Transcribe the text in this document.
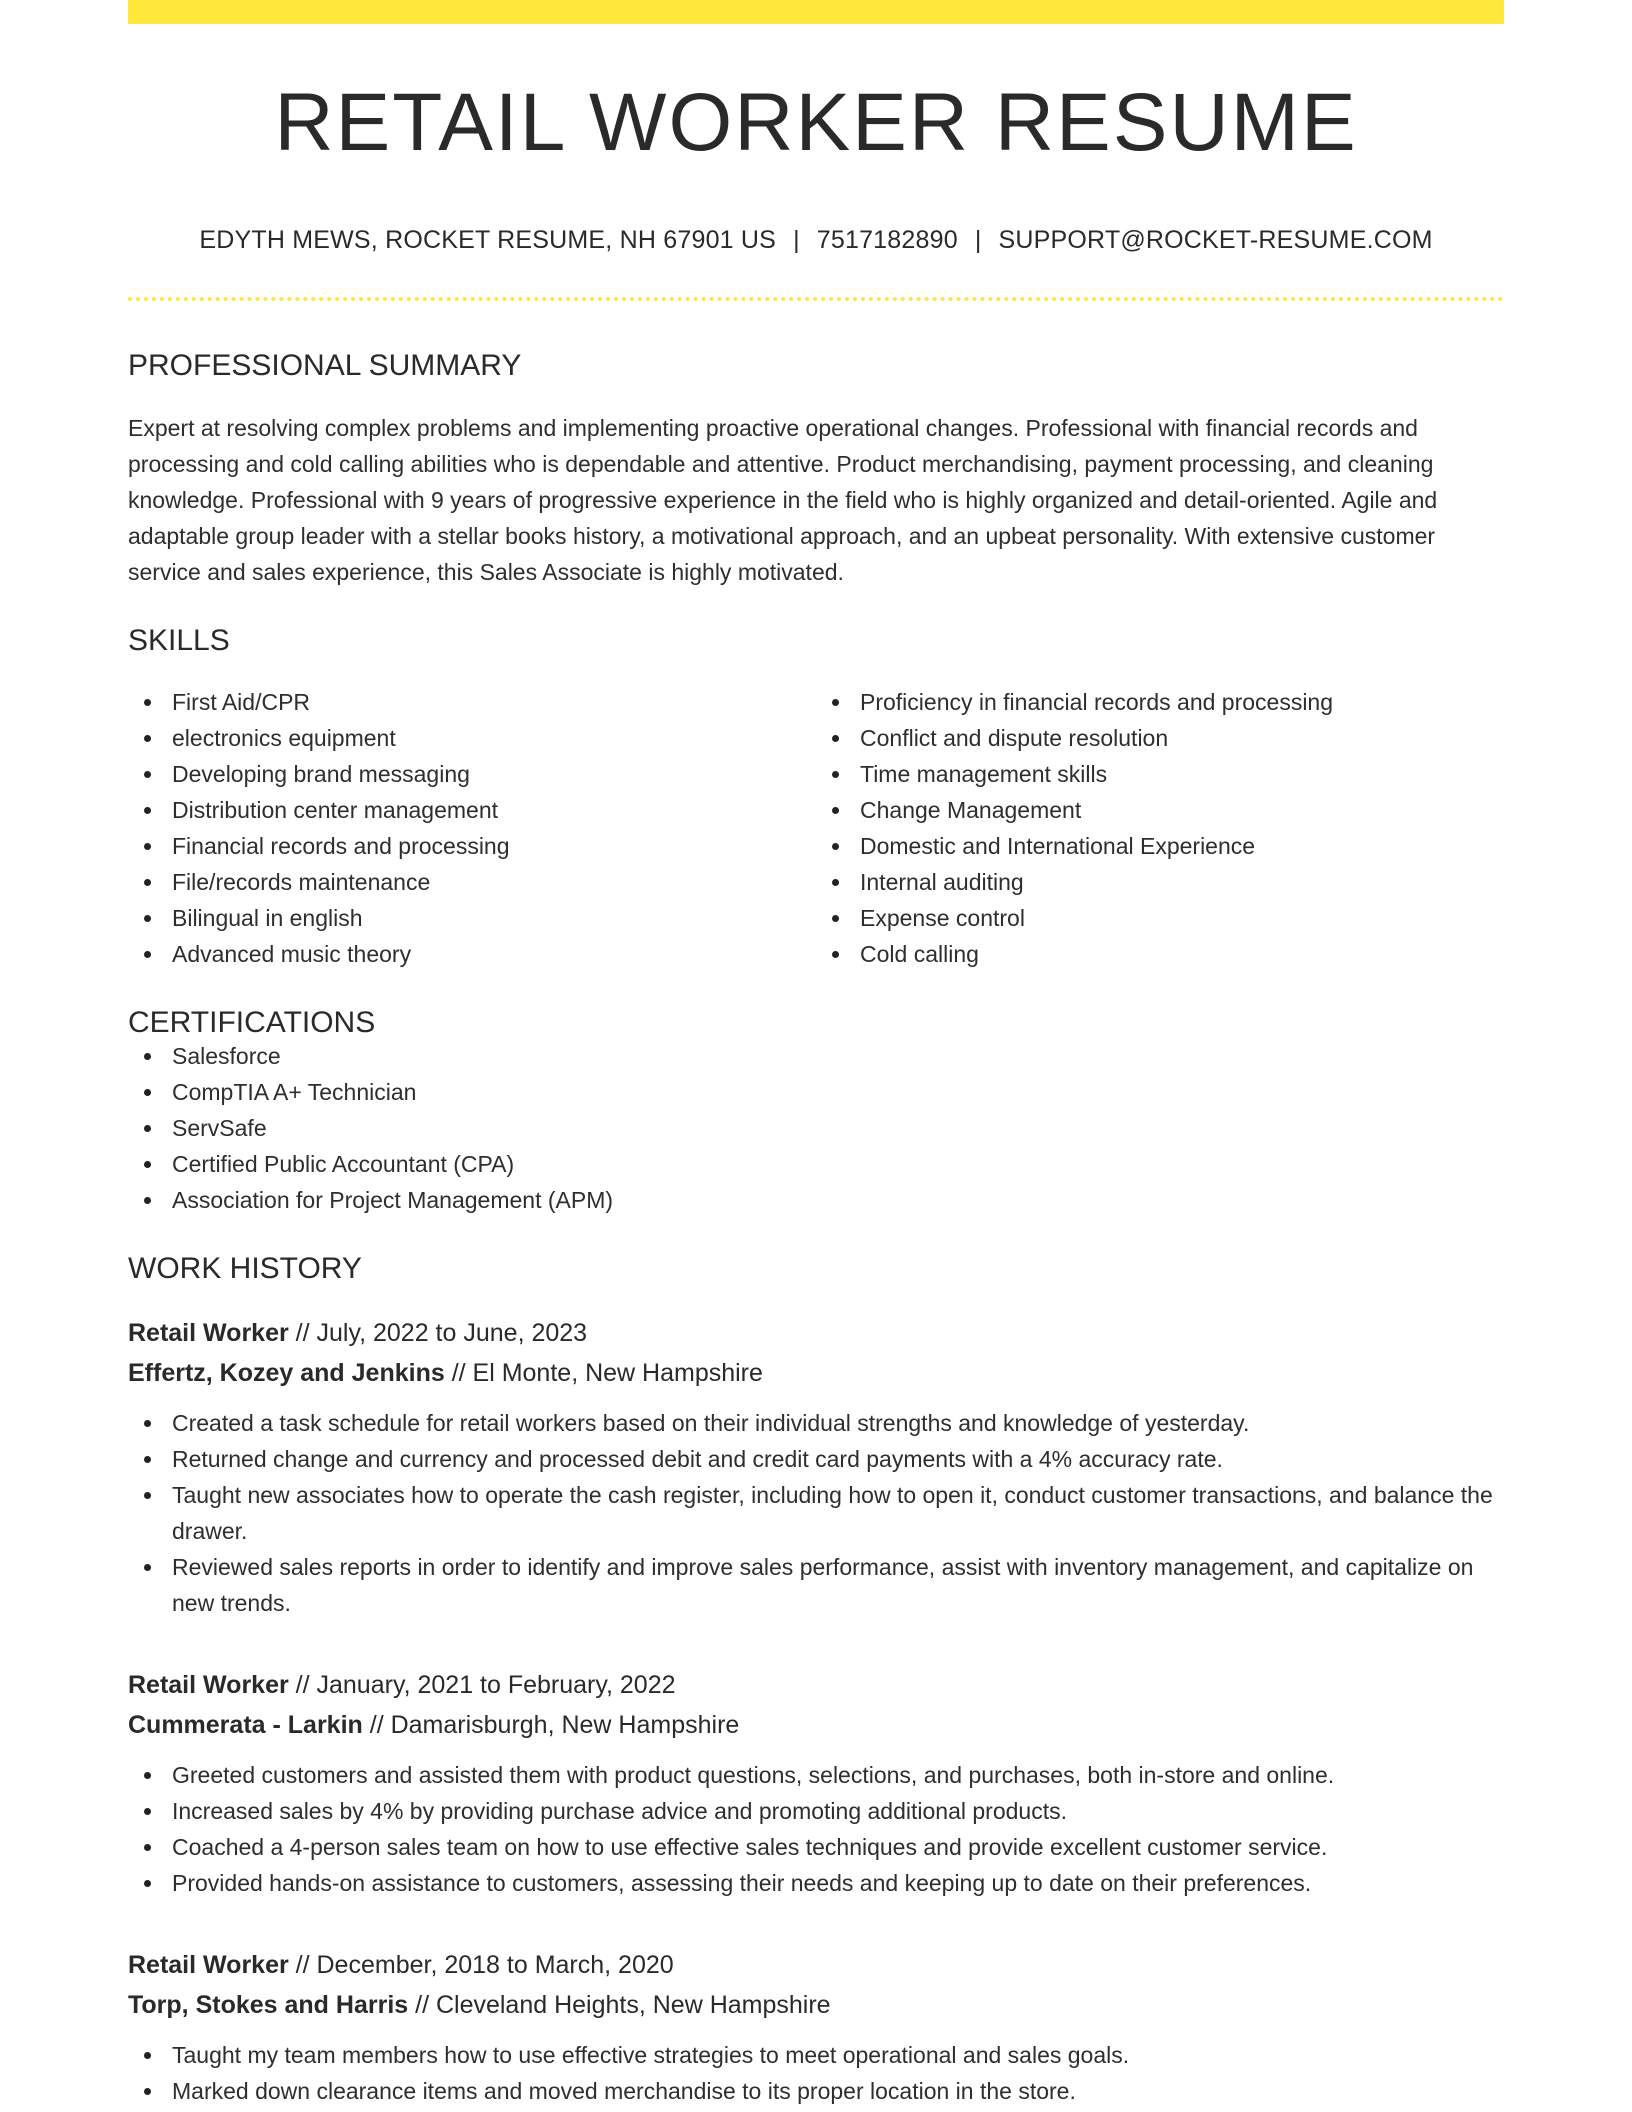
RETAIL WORKER RESUME
EDYTH MEWS, ROCKET RESUME, NH 67901 US | 7517182890 | SUPPORT@ROCKET-RESUME.COM
PROFESSIONAL SUMMARY

Expert at resolving complex problems and implementing proactive operational changes. Professional with financial records and processing and cold calling abilities who is dependable and attentive. Product merchandising, payment processing, and cleaning knowledge. Professional with 9 years of progressive experience in the field who is highly organized and detail-oriented. Agile and adaptable group leader with a stellar books history, a motivational approach, and an upbeat personality. With extensive customer service and sales experience, this Sales Associate is highly motivated.

SKILLS
First Aid/CPR
electronics equipment
Developing brand messaging
Distribution center management
Financial records and processing
File/records maintenance
Bilingual in english
Advanced music theory
Proficiency in financial records and processing
Conflict and dispute resolution
Time management skills
Change Management
Domestic and International Experience
Internal auditing
Expense control
Cold calling
CERTIFICATIONS
Salesforce
CompTIA A+ Technician
ServSafe
Certified Public Accountant (CPA)
Association for Project Management (APM)
WORK HISTORY
Retail Worker // July, 2022 to June, 2023
Effertz, Kozey and Jenkins // El Monte, New Hampshire
Created a task schedule for retail workers based on their individual strengths and knowledge of yesterday.
Returned change and currency and processed debit and credit card payments with a 4% accuracy rate.
Taught new associates how to operate the cash register, including how to open it, conduct customer transactions, and balance the drawer.
Reviewed sales reports in order to identify and improve sales performance, assist with inventory management, and capitalize on new trends.
Retail Worker // January, 2021 to February, 2022
Cummerata - Larkin // Damarisburgh, New Hampshire
Greeted customers and assisted them with product questions, selections, and purchases, both in-store and online.
Increased sales by 4% by providing purchase advice and promoting additional products.
Coached a 4-person sales team on how to use effective sales techniques and provide excellent customer service.
Provided hands-on assistance to customers, assessing their needs and keeping up to date on their preferences.
Retail Worker // December, 2018 to March, 2020
Torp, Stokes and Harris // Cleveland Heights, New Hampshire
Taught my team members how to use effective strategies to meet operational and sales goals.
Marked down clearance items and moved merchandise to its proper location in the store.
